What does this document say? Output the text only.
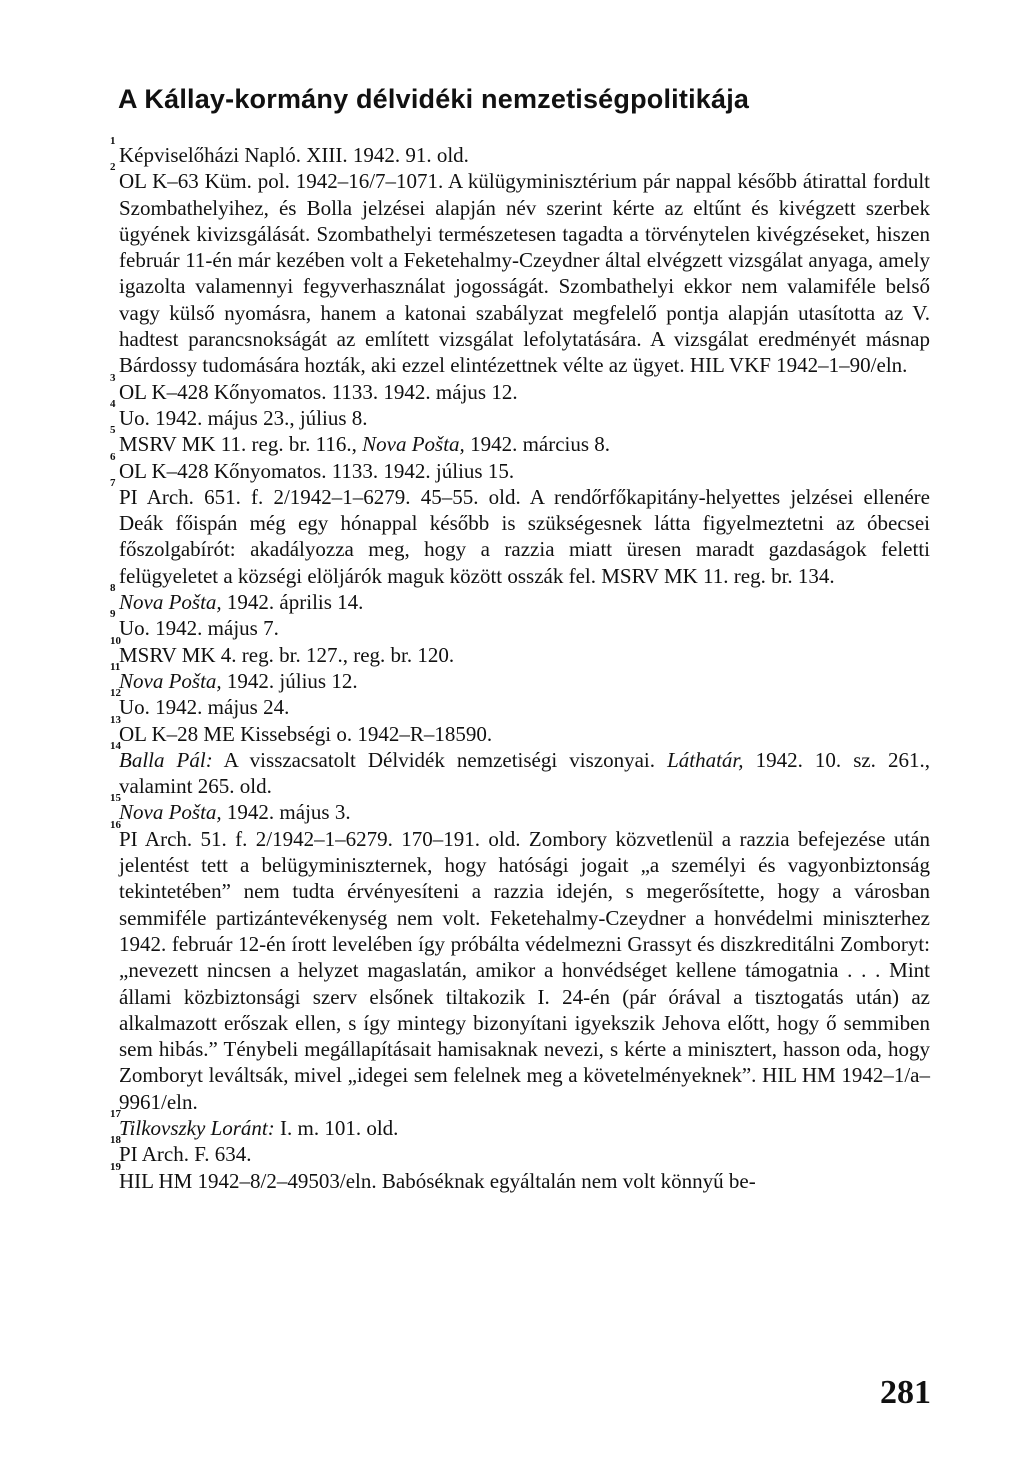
A Kállay-kormány délvidéki nemzetiségpolitikája
1
Képviselőházi Napló. XIII. 1942. 91. old.
2
OL K–63 Küm. pol. 1942–16/7–1071. A külügyminisztérium pár nappal később átirattal fordult Szombathelyihez, és Bolla jelzései alapján név szerint kérte az eltűnt és kivégzett szerbek ügyének kivizsgálását. Szombathelyi természetesen tagadta a törvénytelen kivégzéseket, hiszen február 11-én már kezében volt a Feketehalmy-Czeydner által elvégzett vizsgálat anyaga, amely igazolta valamennyi fegyverhasználat jogosságát. Szombathelyi ekkor nem valamiféle belső vagy külső nyomásra, hanem a katonai szabályzat megfelelő pontja alapján utasította az V. hadtest parancsnokságát az említett vizsgálat lefolytatására. A vizsgálat eredményét másnap Bárdossy tudomására hozták, aki ezzel elintézettnek vélte az ügyet. HIL VKF 1942–1–90/eln.
3
OL K–428 Kőnyomatos. 1133. 1942. május 12.
4
Uo. 1942. május 23., július 8.
5
MSRV MK 11. reg. br. 116., Nova Pošta, 1942. március 8.
6
OL K–428 Kőnyomatos. 1133. 1942. július 15.
7
PI Arch. 651. f. 2/1942–1–6279. 45–55. old. A rendőrfőkapitány-helyettes jelzései ellenére Deák főispán még egy hónappal később is szükségesnek látta figyelmeztetni az óbecsei főszolgabírót: akadályozza meg, hogy a razzia miatt üresen maradt gazdaságok feletti felügyeletet a községi elöljárók maguk között osszák fel. MSRV MK 11. reg. br. 134.
8
Nova Pošta, 1942. április 14.
9
Uo. 1942. május 7.
10
MSRV MK 4. reg. br. 127., reg. br. 120.
11
Nova Pošta, 1942. július 12.
12
Uo. 1942. május 24.
13
OL K–28 ME Kissebségi o. 1942–R–18590.
14
Balla Pál: A visszacsatolt Délvidék nemzetiségi viszonyai. Láthatár, 1942. 10. sz. 261., valamint 265. old.
15
Nova Pošta, 1942. május 3.
16
PI Arch. 51. f. 2/1942–1–6279. 170–191. old. Zombory közvetlenül a razzia befejezése után jelentést tett a belügyminiszternek, hogy hatósági jogait „a személyi és vagyonbiztonság tekintetében” nem tudta érvényesíteni a razzia idején, s megerősítette, hogy a városban semmiféle partizántevékenység nem volt. Feketehalmy-Czeydner a honvédelmi miniszterhez 1942. február 12-én írott levelében így próbálta védelmezni Grassyt és diszkreditálni Zomboryt: „nevezett nincsen a helyzet magaslatán, amikor a honvédséget kellene támogatnia . . . Mint állami közbiztonsági szerv elsőnek tiltakozik I. 24-én (pár órával a tisztogatás után) az alkalmazott erőszak ellen, s így mintegy bizonyítani igyekszik Jehova előtt, hogy ő semmiben sem hibás.” Ténybeli megállapításait hamisaknak nevezi, s kérte a minisztert, hasson oda, hogy Zomboryt leváltsák, mivel „idegei sem felelnek meg a követelményeknek”. HIL HM 1942–1/a–9961/eln.
17
Tilkovszky Loránt: I. m. 101. old.
18
PI Arch. F. 634.
19
HIL HM 1942–8/2–49503/eln. Babóséknak egyáltalán nem volt könnyű be-
281
